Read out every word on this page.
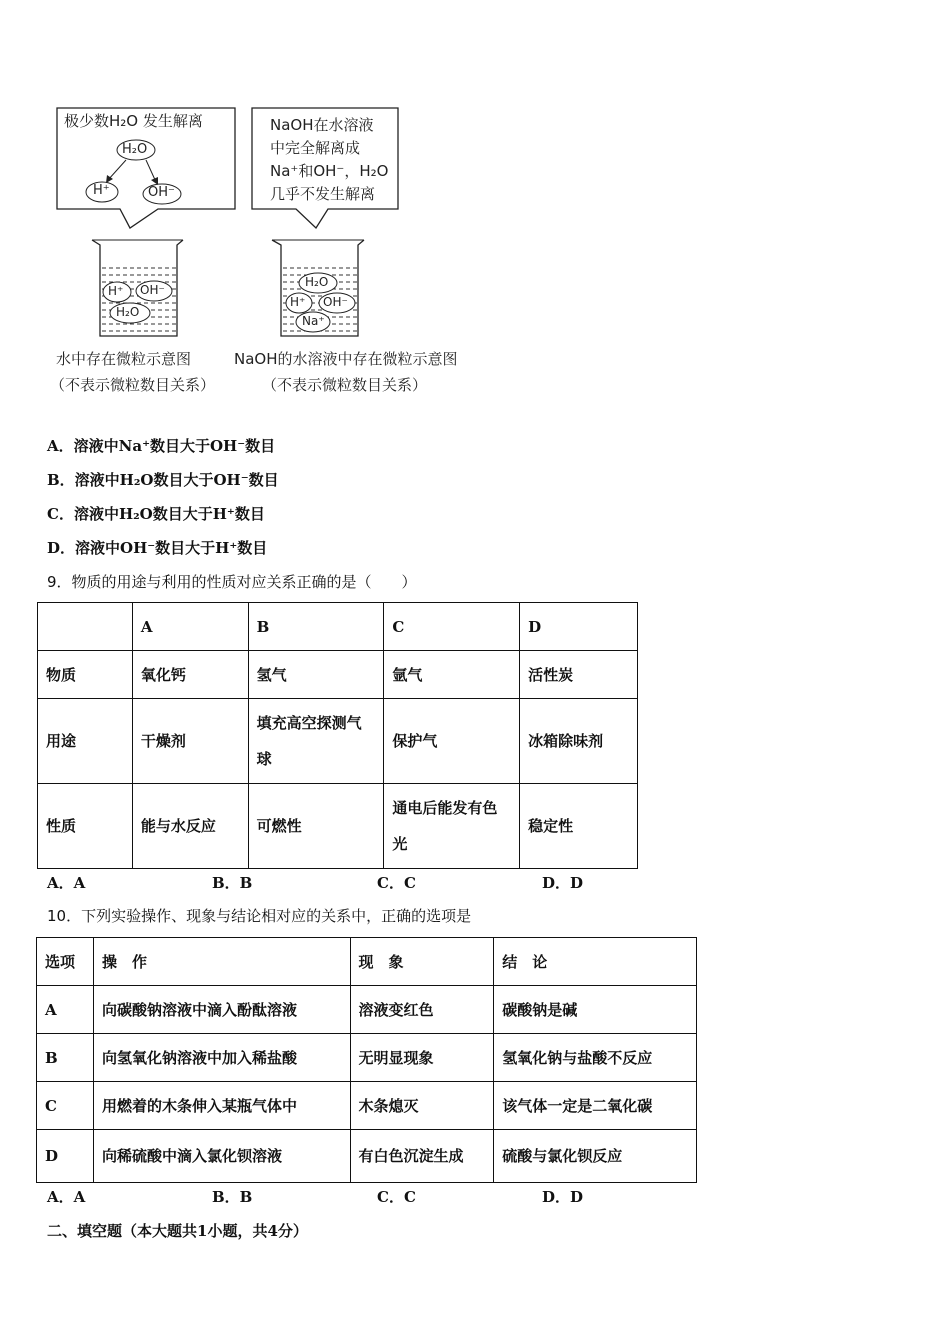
极少数H₂O 发生解离
H₂O
H⁺	OH⁻
NaOH在水溶液
中完全解离成
Na⁺和OH⁻，H₂O
几乎不发生解离
H⁺ OH⁻
H₂O
H₂O
H⁺ OH⁻
Na⁺
水中存在微粒示意图
（不表示微粒数目关系）
NaOH的水溶液中存在微粒示意图
（不表示微粒数目关系）
A．溶液中Na⁺数目大于OH⁻数目
B．溶液中H₂O数目大于OH⁻数目
C．溶液中H₂O数目大于H⁺数目
D．溶液中OH⁻数目大于H⁺数目
9．物质的用途与利用的性质对应关系正确的是（　　）
	A	B	C	D
物质	氧化钙	氢气	氩气	活性炭
用途	干燥剂	填充高空探测气球	保护气	冰箱除味剂
性质	能与水反应	可燃性	通电后能发有色光	稳定性
A．A	B．B	C．C	D．D
10．下列实验操作、现象与结论相对应的关系中，正确的选项是
选项	操　作	现　象	结　论
A	向碳酸钠溶液中滴入酚酞溶液	溶液变红色	碳酸钠是碱
B	向氢氧化钠溶液中加入稀盐酸	无明显现象	氢氧化钠与盐酸不反应
C	用燃着的木条伸入某瓶气体中	木条熄灭	该气体一定是二氧化碳
D	向稀硫酸中滴入氯化钡溶液	有白色沉淀生成	硫酸与氯化钡反应
A．A	B．B	C．C	D．D
二、填空题（本大题共1小题，共4分）
